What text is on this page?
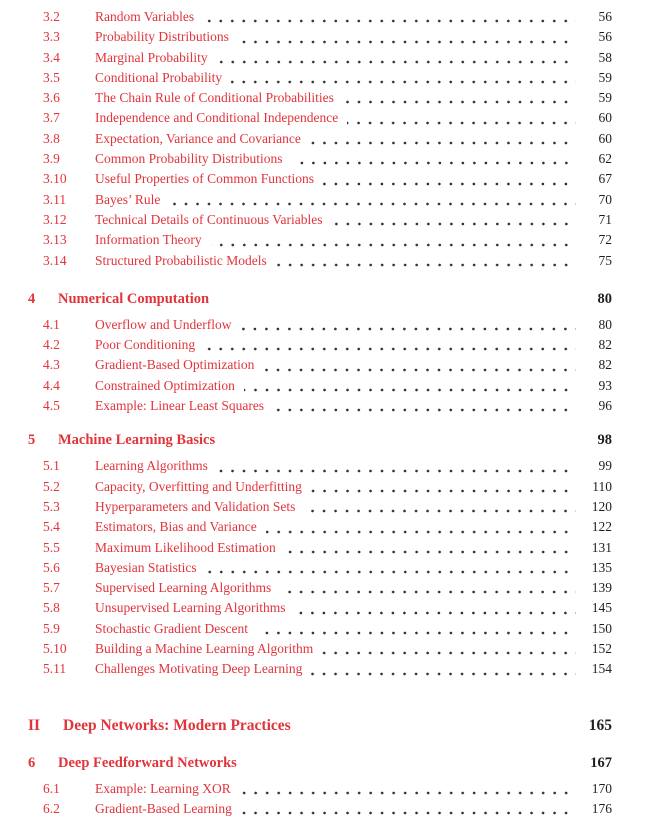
3.2	Random Variables	56
3.3	Probability Distributions	56
3.4	Marginal Probability	58
3.5	Conditional Probability	59
3.6	The Chain Rule of Conditional Probabilities	59
3.7	Independence and Conditional Independence	60
3.8	Expectation, Variance and Covariance	60
3.9	Common Probability Distributions	62
3.10	Useful Properties of Common Functions	67
3.11	Bayes’ Rule	70
3.12	Technical Details of Continuous Variables	71
3.13	Information Theory	72
3.14	Structured Probabilistic Models	75
4	Numerical Computation	80
4.1	Overflow and Underflow	80
4.2	Poor Conditioning	82
4.3	Gradient-Based Optimization	82
4.4	Constrained Optimization	93
4.5	Example: Linear Least Squares	96
5	Machine Learning Basics	98
5.1	Learning Algorithms	99
5.2	Capacity, Overfitting and Underfitting	110
5.3	Hyperparameters and Validation Sets	120
5.4	Estimators, Bias and Variance	122
5.5	Maximum Likelihood Estimation	131
5.6	Bayesian Statistics	135
5.7	Supervised Learning Algorithms	139
5.8	Unsupervised Learning Algorithms	145
5.9	Stochastic Gradient Descent	150
5.10	Building a Machine Learning Algorithm	152
5.11	Challenges Motivating Deep Learning	154
II	Deep Networks: Modern Practices	165
6	Deep Feedforward Networks	167
6.1	Example: Learning XOR	170
6.2	Gradient-Based Learning	176
